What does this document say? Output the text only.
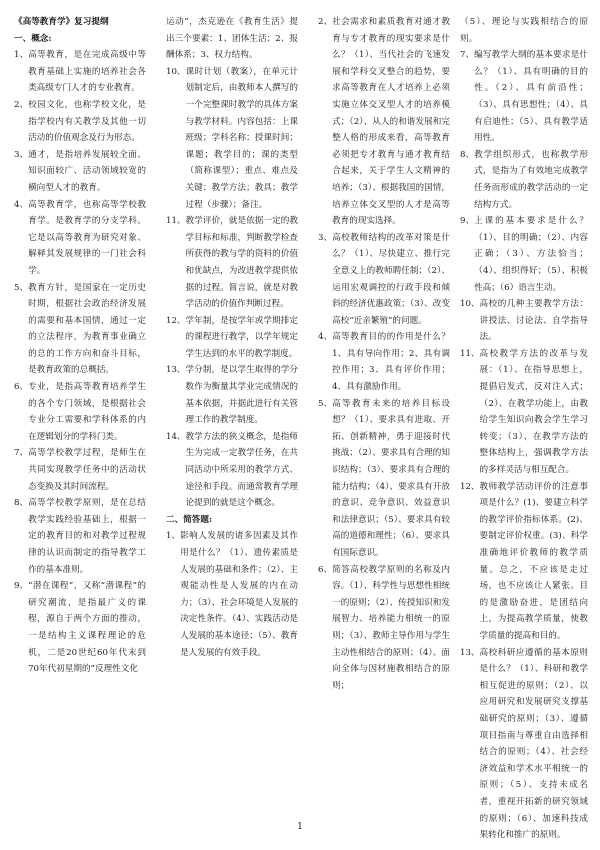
《高等教育学》复习提纲
一、概念:
1、 高等教育，是在完成高级中等教育基础上实施的培养社会各类高级专门人才的专业教育。
2、 校园文化，也称学校文化，是指学校内有关教学及其他一切活动的价值观念及行为形态。
3、 通才，是指培养发展较全面、知识面较广、活动领域较宽的横向型人才的教育。
4、 高等教育学，也称高等学校教育学。是教育学的分支学科。它是以高等教育为研究对象、解释其发展规律的一门社会科学。
5、 教育方针，是国家在一定历史时期，根据社会政治经济发展的需要和基本国情，通过一定的立法程序，为教育事业确立的总的工作方向和奋斗目标，是教育政策的总概括。
6、 专业，是指高等教育培养学生的各个专门领域，是根据社会专业分工需要和学科体系的内在逻辑划分的学科门类。
7、 高等学校教学过程，是师生在共同实现教学任务中的活动状态变换及其时间流程。
8、 高等学校教学原则，是在总结教学实践经验基础上，根据一定的教育目的和对教学过程规律的认识而制定的指导教学工作的基本准则。
9、 “潜在课程”，又称“潜课程”的研究潮流，是指最广义的课程，源自于两个方面的推动，一是结构主义课程理论的危机，二是20世纪60年代末到70年代初星期的“反理性文化
运动”，杰克逊在《教育生活》提出三个要素：1、团体生活；2、报酬体系；3、权力结构。
10、 课时计划（教案），在单元计划制定后，由教师本人撰写的一个完整课时教学的具体方案与教学材料。内容包括：上课班级；学科名称；授课时间；课题；教学目的；课的类型（简称课型）；重点、难点及关键；教学方法；教具；教学过程（步骤）；备注。
11、 教学评价，就是依据一定的教学目标和标准，判断教学检查所获得的教与学的资料的价值和优缺点，为改进教学提供依据的过程。简言说，就是对教学活动的价值作判断过程。
12、 学年制，是按学年或学期排定的课程进行教学，以学年规定学生达到的水平的教学制度。
13、 学分制，是以学生取得的学分数作为衡量其学业完成情况的基本依据，并据此进行有关管理工作的教学制度。
14、 教学方法的狭义概念，是指师生为完成一定教学任务，在共同活动中所采用的教学方式、途径和手段。而通常教育学理论提到的就是这个概念。
二、简答题:
1、 影响人发展的诸多因素及其作用是什么？（1）、遗传素质是人发展的基础和条件；（2）、主观能动性是人发展的内在动力；（3）、社会环境是人发展的决定性条件。（4）、实践活动是人发展的基本途径；（5）、教育是人发展的有效手段。
2、 社会需求和素质教育对通才教育与专才教育的现实要求是什么？（1）、当代社会的飞速发展和学科交叉整合的趋势，要求高等教育在人才培养上必须实施立体交叉型人才的培养模式；（2）、从人的和谐发展和完整人格的形成来看，高等教育必须把专才教育与通才教育结合起来，关于学生人文精神的培养；（3）、根据我国的国情，培养立体交叉型的人才是高等教育的现实选择。
3、 高校教师结构的改革对策是什么？（1）、尽快建立、推行完全意义上的教师聘任制；（2）、运用宏观调控的行政手段和倾斜的经济优惠政策；（3）、改变高校“近亲繁殖”的问题。
4、 高等教育目的的作用是什么？1、具有导向作用；2、具有调控作用；3、具有评价作用；4、具有激励作用。
5、 高等教育未来的培养目标设想？（1）、要求具有进取、开拓、创新精神，勇于迎接时代挑战；（2）、要求具有合理的知识结构；（3）、要求具有合理的能力结构；（4）、要求具有开放的意识、竞争意识、效益意识和法律意识；（5）、要求具有较高的道德和理性；（6）、要求具有国际意识。
6、 简答高校教学原则的名称及内容。（1）、科学性与思想性相统一的原则；（2）、传授知识和发展智力、培养能力相统一的原则；（3）、教师主导作用与学生主动性相结合的原则；（4）、面向全体与因材施教相结合的原则；
（5）、理论与实践相结合的原则。
7、 编写教学大纲的基本要求是什么？（1）、具有明确的目的性。（2）、具有前沿性；（3）、具有思想性；（4）、具有启迪性；（5）、具有教学适用性。
8、 教学组织形式，也称教学形式，是指为了有效地完成教学任务而形成的教学活动的一定结构方式。
9、 上课的基本要求是什么？（1）、目的明确；（2）、内容正确；（3）、方法恰当；（4）、组织得好；（5）、积极性高；（6）语言生动。
10、 高校的几种主要教学方法：讲授法、讨论法、自学指导法。
11、 高校教学方法的改革与发展：（1）、在指导思想上，提倡启发式，反对注入式；（2）、在教学功能上，由教给学生知识向教会学生学习转变；（3）、在教学方法的整体结构上，强调教学方法的多样灵活与相互配合。
12、 教师教学活动评价的注意事项是什么？(1)、要建立科学的教学评价指标体系。(2)、要制定评价权重。(3)、科学准确地评价教师的教学质量。总之，不应该是走过场，也不应该让人紧张。目的是激励奋进，是团结向上，为提高教学质量，使教学质量的提高和目的。
13、 高校科研应遵循的基本原则是什么？（1）、科研和教学相互促进的原则；（2）、以应用研究和发展研究支撑基础研究的原则；（3）、遵循项目指南与尊重自由选择相结合的原则；（4）、社会经济效益和学术水平相统一的原则；（5）、支持未成名者，重视开拓新的研究领域的原则；（6）、加速科技成果转化和推广的原则。
1
